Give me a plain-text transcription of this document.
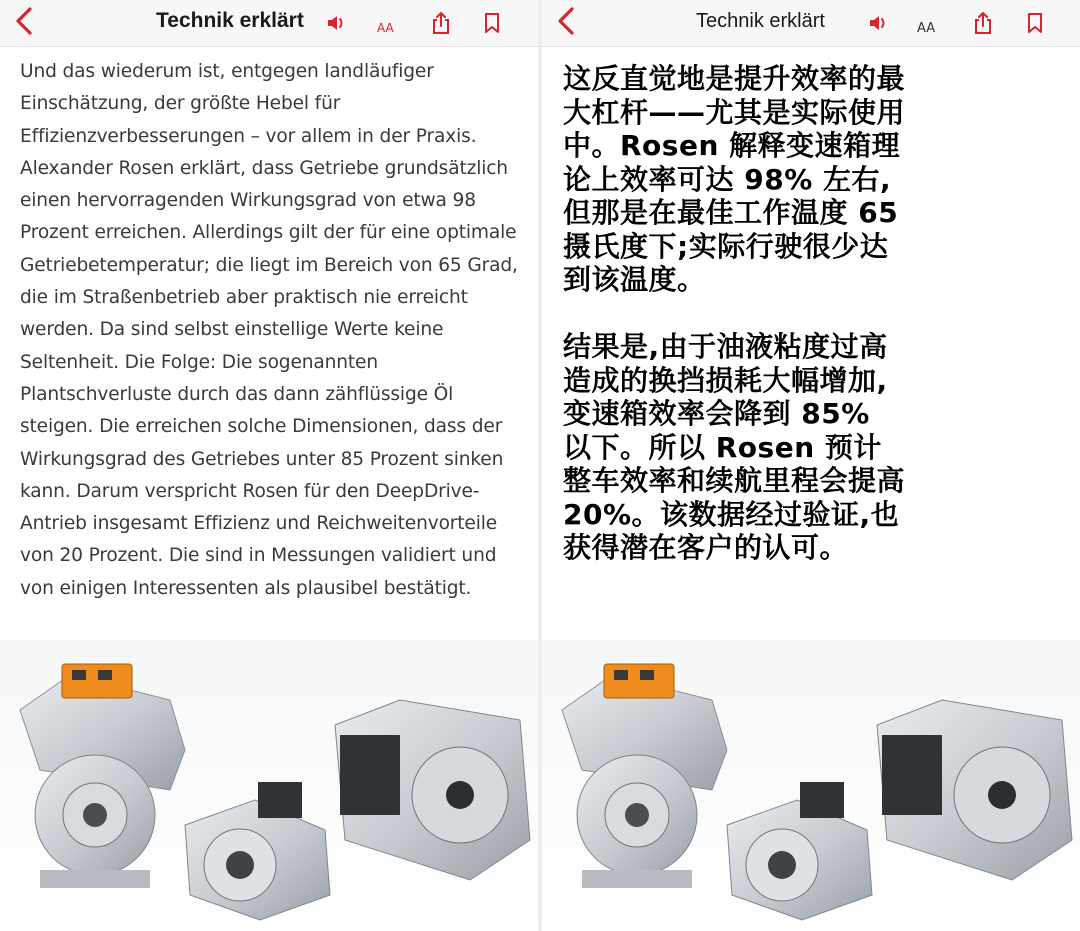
Technik erklärt	AA

Und das wiederum ist, entgegen landläufiger Einschätzung, der größte Hebel für Effizienzverbesserungen – vor allem in der Praxis. Alexander Rosen erklärt, dass Getriebe grundsätzlich einen hervorragenden Wirkungsgrad von etwa 98 Prozent erreichen. Allerdings gilt der für eine optimale Getriebetemperatur; die liegt im Bereich von 65 Grad, die im Straßenbetrieb aber praktisch nie erreicht werden. Da sind selbst einstellige Werte keine Seltenheit. Die Folge: Die sogenannten Plantschverluste durch das dann zähflüssige Öl steigen. Die erreichen solche Dimensionen, dass der Wirkungsgrad des Getriebes unter 85 Prozent sinken kann. Darum verspricht Rosen für den DeepDrive-Antrieb insgesamt Effizienz und Reichweitenvorteile von 20 Prozent. Die sind in Messungen validiert und von einigen Interessenten als plausibel bestätigt.

Technik erklärt	AA

这反直觉地是提升效率的最大杠杆——尤其是实际使用中。Rosen 解释变速箱理论上效率可达 98% 左右,但那是在最佳工作温度 65 摄氏度下;实际行驶很少达到该温度。

结果是,由于油液粘度过高造成的换挡损耗大幅增加,变速箱效率会降到 85% 以下。所以 Rosen 预计整车效率和续航里程会提高 20%。该数据经过验证,也获得潜在客户的认可。
